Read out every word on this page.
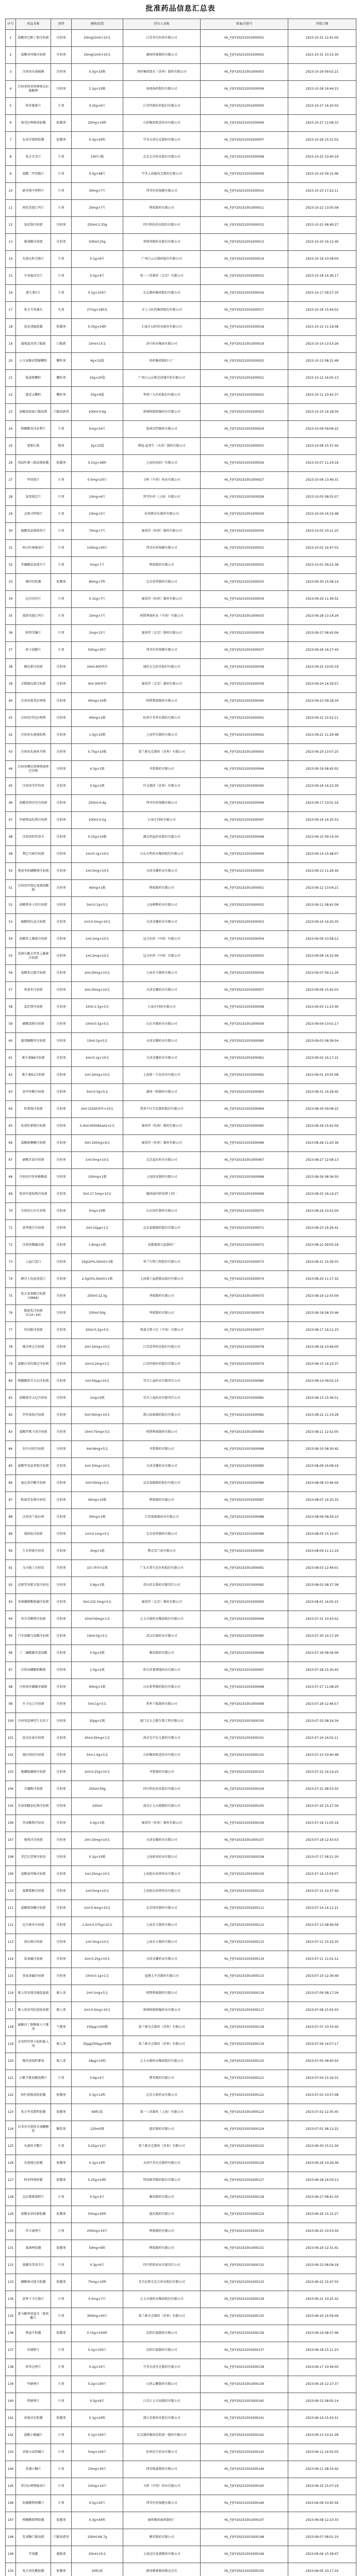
批准药品信息汇总表
序号	药品名称	剂型	规格/包装	持有人名称	备案/注册号	审批日期
1	盐酸多巴酚丁胺注射液	注射剂	20mg(2ml)×10支	江苏荣庆医药有限公司	HL_FJYY20231001000001	2023-10-31 12:41:00
2	盐酸异丙嗪注射液	注射剂	25mg(1ml)×10支	湖南恒康制药有限公司	HL_FJYY20231001000002	2023-10-31 10:15:30
3	注射用头孢硫脒	注射剂	0.5g×10瓶	国药集团致君（苏州）制药有限公司	HL_FJYY20231001000003	2023-10-29 09:02:21
4	注射用阿莫西林钠克拉维酸钾	注射剂	1.2g×10瓶	海南海药股份有限公司	HL_FJYY20231001000004	2023-10-28 16:44:15
5	阿奇霉素片	片剂	0.25g×6片	江苏恒瑞医药股份有限公司	HL_FJYY20231001000005	2023-10-27 14:20:50
6	奥美拉唑肠溶胶囊	胶囊剂	20mg×14粒	石药集团欧意药业有限公司	HL_FJYY20231001000006	2023-10-27 11:08:33
7	布洛芬缓释胶囊	胶囊剂	0.3g×20粒	中美天津史克制药有限公司	HL_FJYY20231001000007	2023-10-26 15:31:02
8	复方甘草片	片剂	100片/瓶	北京太洋药业股份有限公司	HL_FJYY20231001000008	2023-10-25 10:40:19
9	盐酸二甲双胍片	片剂	0.5g×48片	中美上海施贵宝制药有限公司	HL_FJYY20231001000009	2023-10-24 09:15:46
10	硝苯地平控释片	片剂	30mg×7片	拜耳医药保健有限公司	HL_FJYY20231001000010	2023-10-23 17:22:11
11	阿托伐他汀钙片	片剂	20mg×7片	辉瑞制药有限公司	HL_FJYY20231001000011	2023-10-22 13:05:58
12	氯化钠注射液	注射剂	250ml:2.25g	四川科伦药业股份有限公司	HL_FJYY20231001000012	2023-10-21 08:49:27
13	葡萄糖注射液	注射剂	500ml:25g	华润双鹤药业股份有限公司	HL_FJYY20231001000013	2023-10-20 16:12:40
14	头孢克肟分散片	片剂	0.1g×6片	广州白云山制药股份有限公司	HL_FJYY20231001000014	2023-10-19 10:58:04
15	左氧氟沙星片	片剂	0.5g×4片	第一三共制药（北京）有限公司	HL_FJYY20231001000015	2023-10-18 14:36:17
16	维生素C片	片剂	0.1g×100片	东北制药集团股份有限公司	HL_FJYY20231001000016	2023-10-17 09:27:35
17	复方丹参滴丸	丸剂	27mg×180丸	天士力医药集团股份有限公司	HL_FJYY20231001000017	2023-10-16 15:44:52
18	连花清瘟胶囊	胶囊剂	0.35g×24粒	石家庄以岭药业股份有限公司	HL_FJYY20231001000018	2023-10-15 11:19:08
19	蒲地蓝消炎口服液	口服液	10ml×10支	济川药业集团有限公司	HL_FJYY20231001000019	2023-10-14 13:53:26
20	小儿氨酚黄那敏颗粒	颗粒剂	6g×10袋	哈药集团制药六厂	HL_FJYY20231001000020	2023-10-13 08:31:49
21	板蓝根颗粒	颗粒剂	10g×20袋	广州白云山和记黄埔中药有限公司	HL_FJYY20231001000021	2023-10-12 16:05:13
22	感冒灵颗粒	颗粒剂	10g×9袋	华润三九医药股份有限公司	HL_FJYY20231001000022	2023-10-11 10:42:37
23	盐酸氨溴索口服溶液	口服溶液剂	100ml:0.6g	勃林格殷格翰药业有限公司	HL_FJYY20231001000023	2023-10-10 14:18:59
24	枸橼酸莫沙必利片	片剂	5mg×24片	鲁南贝特制药有限公司	HL_FJYY20231001000024	2023-10-09 09:06:22
25	蒙脱石散	散剂	3g×10袋	博福-益普生（天津）制药有限公司	HL_FJYY20231001000025	2023-10-08 15:37:44
26	双歧杆菌三联活菌胶囊	胶囊剂	0.21g×36粒	上海信谊药厂有限公司	HL_FJYY20231001000026	2023-10-07 11:24:16
27	甲钴胺片	片剂	0.5mg×20片	卫材（中国）药业有限公司	HL_FJYY20231001000027	2023-10-06 13:49:31
28	氯雷他定片	片剂	10mg×6片	拜耳医药（上海）有限公司	HL_FJYY20231001000028	2023-10-05 08:55:07
29	孟鲁司特钠片	片剂	10mg×5片	杭州默沙东制药有限公司	HL_FJYY20231001000029	2023-10-04 16:33:48
30	硫酸氢氯吡格雷片	片剂	75mg×7片	赛诺菲（杭州）制药有限公司	HL_FJYY20231001000030	2023-10-03 10:11:25
31	阿司匹林肠溶片	片剂	100mg×30片	拜耳医药保健有限公司	HL_FJYY20231001000031	2023-10-02 14:47:03
32	苯磺酸氨氯地平片	片剂	5mg×7片	辉瑞制药有限公司	HL_FJYY20231001000032	2023-10-01 09:22:38
33	缬沙坦胶囊	胶囊剂	80mg×7粒	北京诺华制药有限公司	HL_FJYY20231001000033	2023-09-30 15:58:14
34	厄贝沙坦片	片剂	0.15g×7片	赛诺菲（杭州）制药有限公司	HL_FJYY20231001000034	2023-09-29 11:36:52
35	瑞舒伐他汀钙片	片剂	10mg×7片	阿斯利康药业（中国）有限公司	HL_FJYY20231001000035	2023-09-28 13:14:29
36	格列美脲片	片剂	2mg×15片	赛诺菲（北京）制药有限公司	HL_FJYY20231001000036	2023-09-27 08:42:06
37	阿卡波糖片	片剂	50mg×30片	拜耳医药保健有限公司	HL_FJYY20231001000037	2023-09-26 16:27:43
38	胰岛素注射液	注射剂	10ml:400单位	通化东宝药业股份有限公司	HL_FJYY20231001000038	2023-09-25 10:05:19
39	甘精胰岛素注射液	注射剂	3ml:300单位	赛诺菲（北京）制药有限公司	HL_FJYY20231001000039	2023-09-24 14:39:57
40	注射用奥美拉唑钠	注射剂	40mg×10瓶	阿斯利康制药有限公司	HL_FJYY20231001000040	2023-09-23 09:18:34
41	注射用泮托拉唑钠	注射剂	40mg×1瓶	杭州中美华东制药有限公司	HL_FJYY20231001000041	2023-09-22 15:52:11
42	注射用头孢曲松钠	注射剂	1.0g×10瓶	上海罗氏制药有限公司	HL_FJYY20231001000042	2023-09-21 11:29:48
43	注射用头孢呋辛钠	注射剂	0.75g×10瓶	葛兰素史克制药（苏州）有限公司	HL_FJYY20231001000043	2023-09-20 13:07:25
44	注射用哌拉西林钠他唑巴坦钠	注射剂	4.5g×1瓶	齐鲁制药有限公司	HL_FJYY20231001000044	2023-09-19 08:45:02
45	注射用美罗培南	注射剂	0.5g×1瓶	住友制药（苏州）有限公司	HL_FJYY20231001000045	2023-09-18 16:23:39
46	盐酸莫西沙星注射液	注射剂	250ml:0.4g	拜耳医药保健有限公司	HL_FJYY20231001000046	2023-09-17 10:01:16
47	甲硝唑氯化钠注射液	注射剂	100ml:0.5g	石家庄四药有限公司	HL_FJYY20231001000047	2023-09-16 14:35:53
48	注射用阿昔洛韦	注射剂	0.25g×10瓶	湖北科益药业股份有限公司	HL_FJYY20231001000048	2023-09-15 09:14:30
49	利巴韦林注射液	注射剂	1ml:0.1g×10支	山东方明药业集团股份有限公司	HL_FJYY20231001000049	2023-09-14 15:48:07
50	地塞米松磷酸钠注射液	注射剂	1ml:5mg×10支	天津金耀药业有限公司	HL_FJYY20231001000050	2023-09-13 11:26:44
51	注射用甲泼尼龙琥珀酸钠	注射剂	40mg×1瓶	辉瑞制药有限公司	HL_FJYY20231001000051	2023-09-12 13:04:21
52	盐酸利多卡因注射液	注射剂	5ml:0.1g×5支	上海朝晖药业有限公司	HL_FJYY20231001000052	2023-09-11 08:42:58
53	硫酸阿托品注射液	注射剂	1ml:0.5mg×10支	天津金耀药业有限公司	HL_FJYY20231001000053	2023-09-10 16:20:35
54	盐酸肾上腺素注射液	注射剂	1ml:1mg×10支	远大医药（中国）有限公司	HL_FJYY20231001000054	2023-09-09 10:58:12
55	重酒石酸去甲肾上腺素注射液	注射剂	1ml:2mg×10支	远大医药（中国）有限公司	HL_FJYY20231001000055	2023-09-08 14:32:49
56	盐酸多巴胺注射液	注射剂	2ml:20mg×10支	上海禾丰制药有限公司	HL_FJYY20231001000056	2023-09-07 09:11:26
57	呋塞米注射液	注射剂	2ml:20mg×10支	天津金耀药业有限公司	HL_FJYY20231001000057	2023-09-06 15:45:03
58	氯化钾注射液	注射剂	10ml:1.5g×5支	石家庄四药有限公司	HL_FJYY20231001000058	2023-09-05 11:23:40
59	碳酸氢钠注射液	注射剂	10ml:0.5g×5支	山东齐都药业有限公司	HL_FJYY20231001000059	2023-09-04 13:01:17
60	葡萄糖酸钙注射液	注射剂	10ml:1g×5支	天津金耀药业有限公司	HL_FJYY20231001000060	2023-09-03 08:39:54
61	维生素B6注射液	注射剂	2ml:0.1g×10支	天津金耀药业有限公司	HL_FJYY20231001000061	2023-09-02 16:17:31
62	维生素K1注射液	注射剂	1ml:10mg×10支	上海第一生化药业有限公司	HL_FJYY20231001000062	2023-09-01 10:55:08
63	氨甲环酸注射液	注射剂	5ml:0.5g×5支	湖南一格制药有限公司	HL_FJYY20231001000063	2023-08-31 14:29:45
64	肝素钠注射液	注射剂	2ml:12500单位×10支	常州千红生化制药股份有限公司	HL_FJYY20231001000064	2023-08-30 09:08:22
65	依诺肝素钠注射液	注射剂	0.4ml:4000AXaIU×2支	赛诺菲（杭州）制药有限公司	HL_FJYY20231001000065	2023-08-29 15:42:59
66	盐酸胺碘酮注射液	注射剂	3ml:150mg×6支	赛诺菲（杭州）制药有限公司	HL_FJYY20231001000066	2023-08-28 11:20:36
67	硝酸甘油注射液	注射剂	1ml:5mg×10支	北京益民药业有限公司	HL_FJYY20231001000067	2023-08-27 12:58:13
68	注射用丹参多酚酸盐	注射剂	100mg×1瓶	上海绿谷制药有限公司	HL_FJYY20231001000068	2023-08-26 08:36:50
69	银杏叶提取物注射液	注射剂	5ml:17.5mg×10支	德国威玛舒培博士药厂	HL_FJYY20231001000069	2023-08-25 16:14:27
70	注射用七叶皂苷钠	注射剂	5mg×10瓶	山东绿叶制药有限公司	HL_FJYY20231001000070	2023-08-24 10:52:04
71	前列地尔注射液	注射剂	2ml:10μg×1支	北京泰德制药股份有限公司	HL_FJYY20231001000071	2023-08-23 14:26:41
72	注射用胸腺法新	注射剂	1.6mg×1瓶	成都地奥九泓制药厂	HL_FJYY20231001000072	2023-08-22 09:05:18
73	人血白蛋白	注射剂	10g(20%,50ml)×1瓶	华兰生物工程股份有限公司	HL_FJYY20231001000073	2023-08-21 15:39:55
74	静注人免疫球蛋白	注射剂	2.5g(5%,50ml)×1瓶	上海莱士血液制品股份有限公司	HL_FJYY20231001000074	2023-08-20 11:17:32
75	复方氨基酸注射液(18AA)	注射剂	250ml:12.5g	华瑞制药有限公司	HL_FJYY20231001000075	2023-08-19 12:55:09
76	脂肪乳注射液(C14~24)	注射剂	250ml:50g	华瑞制药有限公司	HL_FJYY20231001000076	2023-08-18 08:33:46
77	丙泊酚注射液	注射剂	20ml:0.2g×5支	费森尤斯卡比（中国）有限公司	HL_FJYY20231001000077	2023-08-17 16:11:23
78	咪达唑仑注射液	注射剂	2ml:10mg×10支	江苏恩华药业股份有限公司	HL_FJYY20231001000078	2023-08-16 10:49:00
79	盐酸右美托咪定注射液	注射剂	2ml:0.2mg×1支	江苏恒瑞医药股份有限公司	HL_FJYY20231001000079	2023-08-15 14:23:37
80	枸橼酸舒芬太尼注射液	注射剂	1ml:50μg×10支	宜昌人福药业有限责任公司	HL_FJYY20231001000080	2023-08-14 09:02:14
81	盐酸瑞芬太尼注射用	注射剂	1mg×5瓶	宜昌人福药业有限责任公司	HL_FJYY20231001000081	2023-08-13 15:36:51
82	罗库溴铵注射液	注射剂	5ml:50mg×10支	浙江仙琚制药股份有限公司	HL_FJYY20231001000082	2023-08-12 11:14:28
83	盐酸罗哌卡因注射液	注射剂	10ml:75mg×5支	阿斯利康制药有限公司	HL_FJYY20231001000083	2023-08-11 12:52:05
84	昂丹司琼注射液	注射剂	4ml:8mg×5支	齐鲁制药有限公司	HL_FJYY20231001000084	2023-08-10 08:30:42
85	盐酸甲氧氯普胺注射液	注射剂	1ml:10mg×10支	天津金耀药业有限公司	HL_FJYY20231001000085	2023-08-09 16:08:19
86	氟比洛芬酯注射液	注射剂	5ml:50mg×5支	北京泰德制药股份有限公司	HL_FJYY20231001000086	2023-08-08 10:46:56
87	帕瑞昔布钠注射用	注射剂	40mg×10瓶	辉瑞制药有限公司	HL_FJYY20231001000087	2023-08-07 14:20:33
88	注射用兰索拉唑	注射剂	30mg×1瓶	江苏奥赛康药业有限公司	HL_FJYY20231001000088	2023-08-06 08:59:10
89	奥曲肽注射液	注射剂	1ml:0.1mg×5支	北京诺华制药有限公司	HL_FJYY20231001000089	2023-08-05 15:33:47
90	生长抑素注射用	注射剂	3mg×1瓶	默克雪兰诺有限公司	HL_FJYY20231001000090	2023-08-04 11:11:24
91	乌司他丁注射用	注射剂	10万单位×1瓶	广东天普生化医药股份有限公司	HL_FJYY20231001000091	2023-08-03 12:49:01
92	还原型谷胱甘肽注射用	注射剂	0.6g×1瓶	重庆药友制药有限责任公司	HL_FJYY20231001000092	2023-08-02 08:27:38
93	多烯磷脂酰胆碱注射液	注射剂	5ml:232.5mg×5支	赛诺菲（北京）制药有限公司	HL_FJYY20231001000093	2023-08-01 16:05:15
94	异甘草酸镁注射液	注射剂	10ml:50mg×1支	正大天晴药业集团股份有限公司	HL_FJYY20231001000094	2023-07-31 10:43:52
95	门冬氨酸鸟氨酸注射液	注射剂	10ml:5g×5支	武汉启瑞药业有限公司	HL_FJYY20231001000095	2023-07-30 14:17:29
96	丁二磺酸腺苷蛋氨酸	注射剂	0.5g×5瓶	雅培制药有限公司	HL_FJYY20231001000096	2023-07-29 08:56:06
97	注射用磷酸肌酸钠	注射剂	1.0g×1瓶	哈尔滨莱博通药业有限公司	HL_FJYY20231001000097	2023-07-28 15:30:43
98	注射用环磷腺苷葡胺	注射剂	90mg×1瓶	山东新华制药股份有限公司	HL_FJYY20231001000098	2023-07-27 11:08:20
99	左卡尼汀注射液	注射剂	5ml:1g×5支	常州兰陵制药有限公司	HL_FJYY20231001000099	2023-07-26 12:46:57
100	注射用鼠神经生长因子	注射剂	20μg×1瓶	厦门北大之路生物工程有限公司	HL_FJYY20231001000100	2023-07-25 08:24:34
101	依达拉奉注射液	注射剂	20ml:30mg×1支	南京先声东元制药有限公司	HL_FJYY20231001000101	2023-07-24 16:02:11
102	奥拉西坦注射液	注射剂	5ml:1.0g×5支	石药集团欧意药业有限公司	HL_FJYY20231001000102	2023-07-23 10:40:48
103	胞磷胆碱钠注射液	注射剂	2ml:0.25g×10支	齐鲁制药有限公司	HL_FJYY20231001000103	2023-07-22 14:14:25
104	甘露醇注射液	注射剂	250ml:50g	四川科伦药业股份有限公司	HL_FJYY20231001000104	2023-07-21 08:53:02
105	甘油果糖氯化钠注射液	注射剂	250ml	南京正大天晴制药有限公司	HL_FJYY20231001000105	2023-07-20 15:27:39
106	丙戊酸钠注射用	注射剂	0.4g×1瓶	赛诺菲（杭州）制药有限公司	HL_FJYY20231001000106	2023-07-19 11:05:16
107	地西泮注射液	注射剂	2ml:10mg×10支	天津金耀药业有限公司	HL_FJYY20231001000107	2023-07-18 12:43:53
108	苯巴比妥钠注射用	注射剂	0.1g×10瓶	上海新亚药业有限公司	HL_FJYY20231001000108	2023-07-17 08:21:30
109	盐酸氯丙嗪注射液	注射剂	1ml:25mg×10支	上海旭东海普药业有限公司	HL_FJYY20231001000109	2023-07-16 15:59:07
110	氟哌啶醇注射液	注射剂	1ml:5mg×10支	上海旭东海普药业有限公司	HL_FJYY20231001000110	2023-07-15 10:37:44
111	盐酸纳洛酮注射液	注射剂	1ml:0.4mg×10支	北京四环制药有限公司	HL_FJYY20231001000111	2023-07-14 14:11:21
112	尼可刹米注射液	注射剂	1.5ml:0.375g×10支	上海禾丰制药有限公司	HL_FJYY20231001000112	2023-07-13 08:49:58
113	洛贝林注射液	注射剂	1ml:3mg×10支	上海禾丰制药有限公司	HL_FJYY20231001000113	2023-07-12 15:23:35
114	氨茶碱注射液	注射剂	2ml:0.25g×10支	天津金耀药业有限公司	HL_FJYY20231001000114	2023-07-11 11:01:12
115	多索茶碱注射液	注射剂	10ml:0.1g×1支	福建太平洋制药有限公司	HL_FJYY20231001000115	2023-07-10 12:39:49
116	吸入用布地奈德混悬液	吸入剂	2ml:1mg×5支	阿斯利康制药有限公司	HL_FJYY20231001000116	2023-07-09 08:17:26
117	吸入用异丙托溴铵溶液	吸入剂	2ml:0.5mg×10支	勃林格殷格翰药业有限公司	HL_FJYY20231001000117	2023-07-08 15:55:03
118	硫酸沙丁胺醇吸入气雾剂	气雾剂	100μg×200揿	葛兰素史克制药（苏州）有限公司	HL_FJYY20231001000118	2023-07-07 10:33:40
119	沙美特罗替卡松粉吸入剂	吸入剂	50μg/250μg×60吸	葛兰素史克制药（苏州）有限公司	HL_FJYY20231001000119	2023-07-06 14:07:17
120	噻托溴铵粉雾剂	吸入剂	18μg×10粒	正大天晴药业集团股份有限公司	HL_FJYY20231001000120	2023-07-05 08:45:54
121	乙酰半胱氨酸泡腾片	片剂	0.6g×4片	赞邦制药有限公司	HL_FJYY20231001000121	2023-07-04 15:19:31
122	桉柠蒎肠溶软胶囊	胶囊剂	0.3g×12粒	北京九和药业有限公司	HL_FJYY20231001000122	2023-07-03 10:57:08
123	复方甲氧那明胶囊	胶囊剂	60粒/盒	第一三共制药（上海）有限公司	HL_FJYY20231001000123	2023-07-02 12:35:45
124	右美沙芬愈创甘油醚糖浆	糖浆剂	120ml/瓶	惠氏制药有限公司	HL_FJYY20231001000124	2023-07-01 08:13:22
125	头孢呋辛酯片	片剂	0.25g×12片	葛兰素史克制药（苏州）有限公司	HL_FJYY20231001000125	2023-06-30 15:51:59
126	头孢地尼胶囊	胶囊剂	0.1g×10粒	天津中美史克制药有限公司	HL_FJYY20231001000126	2023-06-29 10:29:36
127	阿莫西林胶囊	胶囊剂	0.25g×24粒	珠海联邦制药股份有限公司	HL_FJYY20231001000127	2023-06-28 14:03:13
128	克拉霉素缓释片	片剂	0.5g×3片	雅培制药有限公司	HL_FJYY20231001000128	2023-06-27 08:41:50
129	盐酸米诺环素胶囊	胶囊剂	50mg×20粒	惠氏制药有限公司	HL_FJYY20231001000129	2023-06-26 15:15:27
130	伏立康唑片	片剂	200mg×10片	辉瑞制药有限公司	HL_FJYY20231001000130	2023-06-25 10:53:04
131	氟康唑胶囊	胶囊剂	50mg×6粒	辉瑞制药有限公司	HL_FJYY20231001000131	2023-06-24 12:31:41
132	盐酸伐昔洛韦片	片剂	0.3g×6片	四川明欣药业有限责任公司	HL_FJYY20231001000132	2023-06-23 08:09:18
133	磷酸奥司他韦胶囊	胶囊剂	75mg×10粒	宜昌东阳光长江药业股份有限公司	HL_FJYY20231001000133	2023-06-22 15:47:55
134	恩替卡韦分散片	片剂	0.5mg×7片	正大天晴药业集团股份有限公司	HL_FJYY20231001000134	2023-06-21 10:25:32
135	富马酸替诺福韦二吡呋酯片	片剂	300mg×30片	葛兰素史克制药（苏州）有限公司	HL_FJYY20231001000135	2023-06-20 14:59:09
136	利福平胶囊	胶囊剂	0.15g×100粒	沈阳红旗制药有限公司	HL_FJYY20231001000136	2023-06-19 08:37:46
137	异烟肼片	片剂	0.1g×100片	沈阳红旗制药有限公司	HL_FJYY20231001000137	2023-06-18 15:11:23
138	阿苯达唑片	片剂	0.2g×10片	中美天津史克制药有限公司	HL_FJYY20231001000138	2023-06-17 10:49:00
139	甲硝唑片	片剂	0.2g×100片	山西云鹏制药有限公司	HL_FJYY20231001000139	2023-06-16 12:27:37
140	替硝唑片	片剂	0.5g×8片	江苏正大丰海制药有限公司	HL_FJYY20231001000140	2023-06-15 08:05:14
141	诺氟沙星胶囊	胶囊剂	0.1g×24粒	浙江京新药业股份有限公司	HL_FJYY20231001000141	2023-06-14 15:43:51
142	盐酸小檗碱片	片剂	0.1g×100片	东北制药集团沈阳第一制药有限公司	HL_FJYY20231001000142	2023-06-13 10:21:28
143	消旋山莨菪碱片	片剂	5mg×100片	杭州民生药业有限公司	HL_FJYY20231001000143	2023-06-12 14:55:05
144	多潘立酮片	片剂	10mg×30片	西安杨森制药有限公司	HL_FJYY20231001000144	2023-06-11 08:33:42
145	雷贝拉唑钠肠溶片	片剂	10mg×14片	卫材（中国）药业有限公司	HL_FJYY20231001000145	2023-06-10 15:07:19
146	铝碳酸镁咀嚼片	片剂	0.5g×20片	拜耳医药保健有限公司	HL_FJYY20231001000146	2023-06-09 10:45:56
147	枸橼酸铋钾胶囊	胶囊剂	0.3g×40粒	丽珠集团丽珠制药厂	HL_FJYY20231001000147	2023-06-08 12:23:33
148	乳果糖口服溶液	口服溶液剂	100ml:66.7g	雅培制药有限公司	HL_FJYY20231001000148	2023-06-07 08:01:10
149	开塞露	灌肠剂	20ml×10支	上海运佳黄浦制药有限公司	HL_FJYY20231001000149	2023-06-06 15:39:47
150	复方消化酶胶囊	胶囊剂	20粒/盒	韩国韩林制药株式会社	HL_FJYY20231001000150	2023-06-05 10:17:24
